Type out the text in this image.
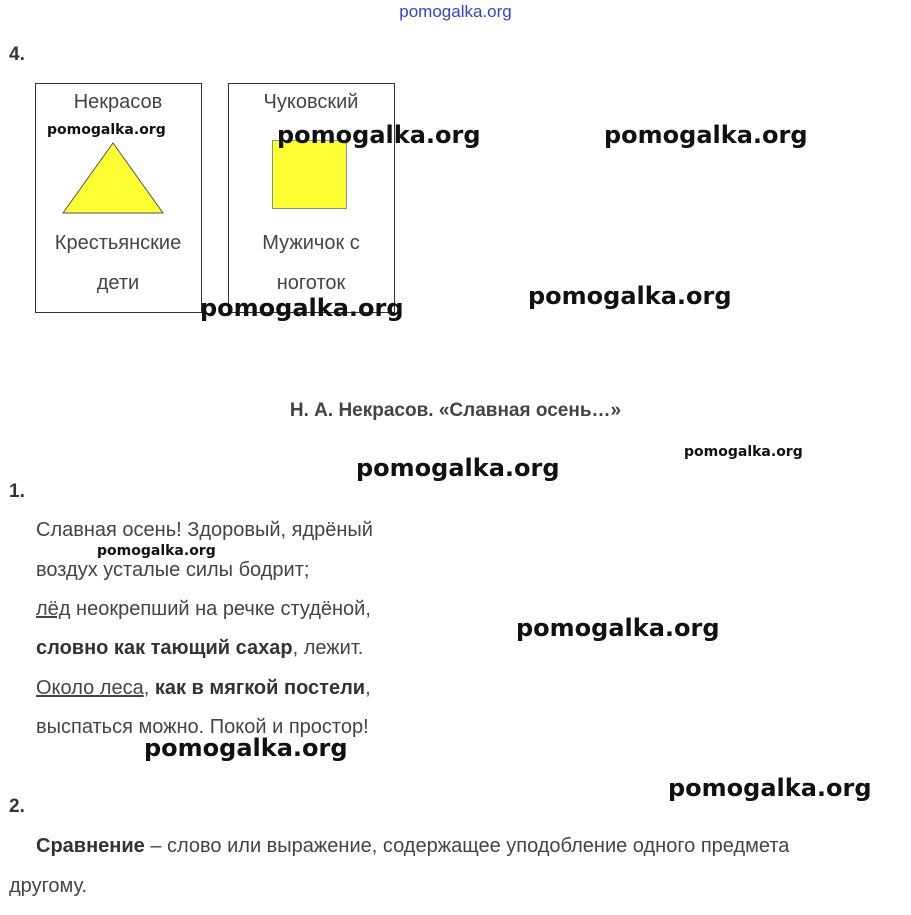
pomogalka.org
4.
Некрасов
Крестьянские
дети
Чуковский
Мужичок с
ноготок
Н. А. Некрасов. «Славная осень…»
1.
Славная осень! Здоровый, ядрёный
воздух усталые силы бодрит;
лёд неокрепший на речке студёной,
словно как тающий сахар, лежит.
Около леса, как в мягкой постели,
выспаться можно. Покой и простор!
2.
Сравнение – слово или выражение, содержащее уподобление одного предмета
другому.
pomogalka.org	pomogalka.org	pomogalka.org
pomogalka.org
pomogalka.org
pomogalka.org
pomogalka.org
pomogalka.org
pomogalka.org
pomogalka.org
pomogalka.org
